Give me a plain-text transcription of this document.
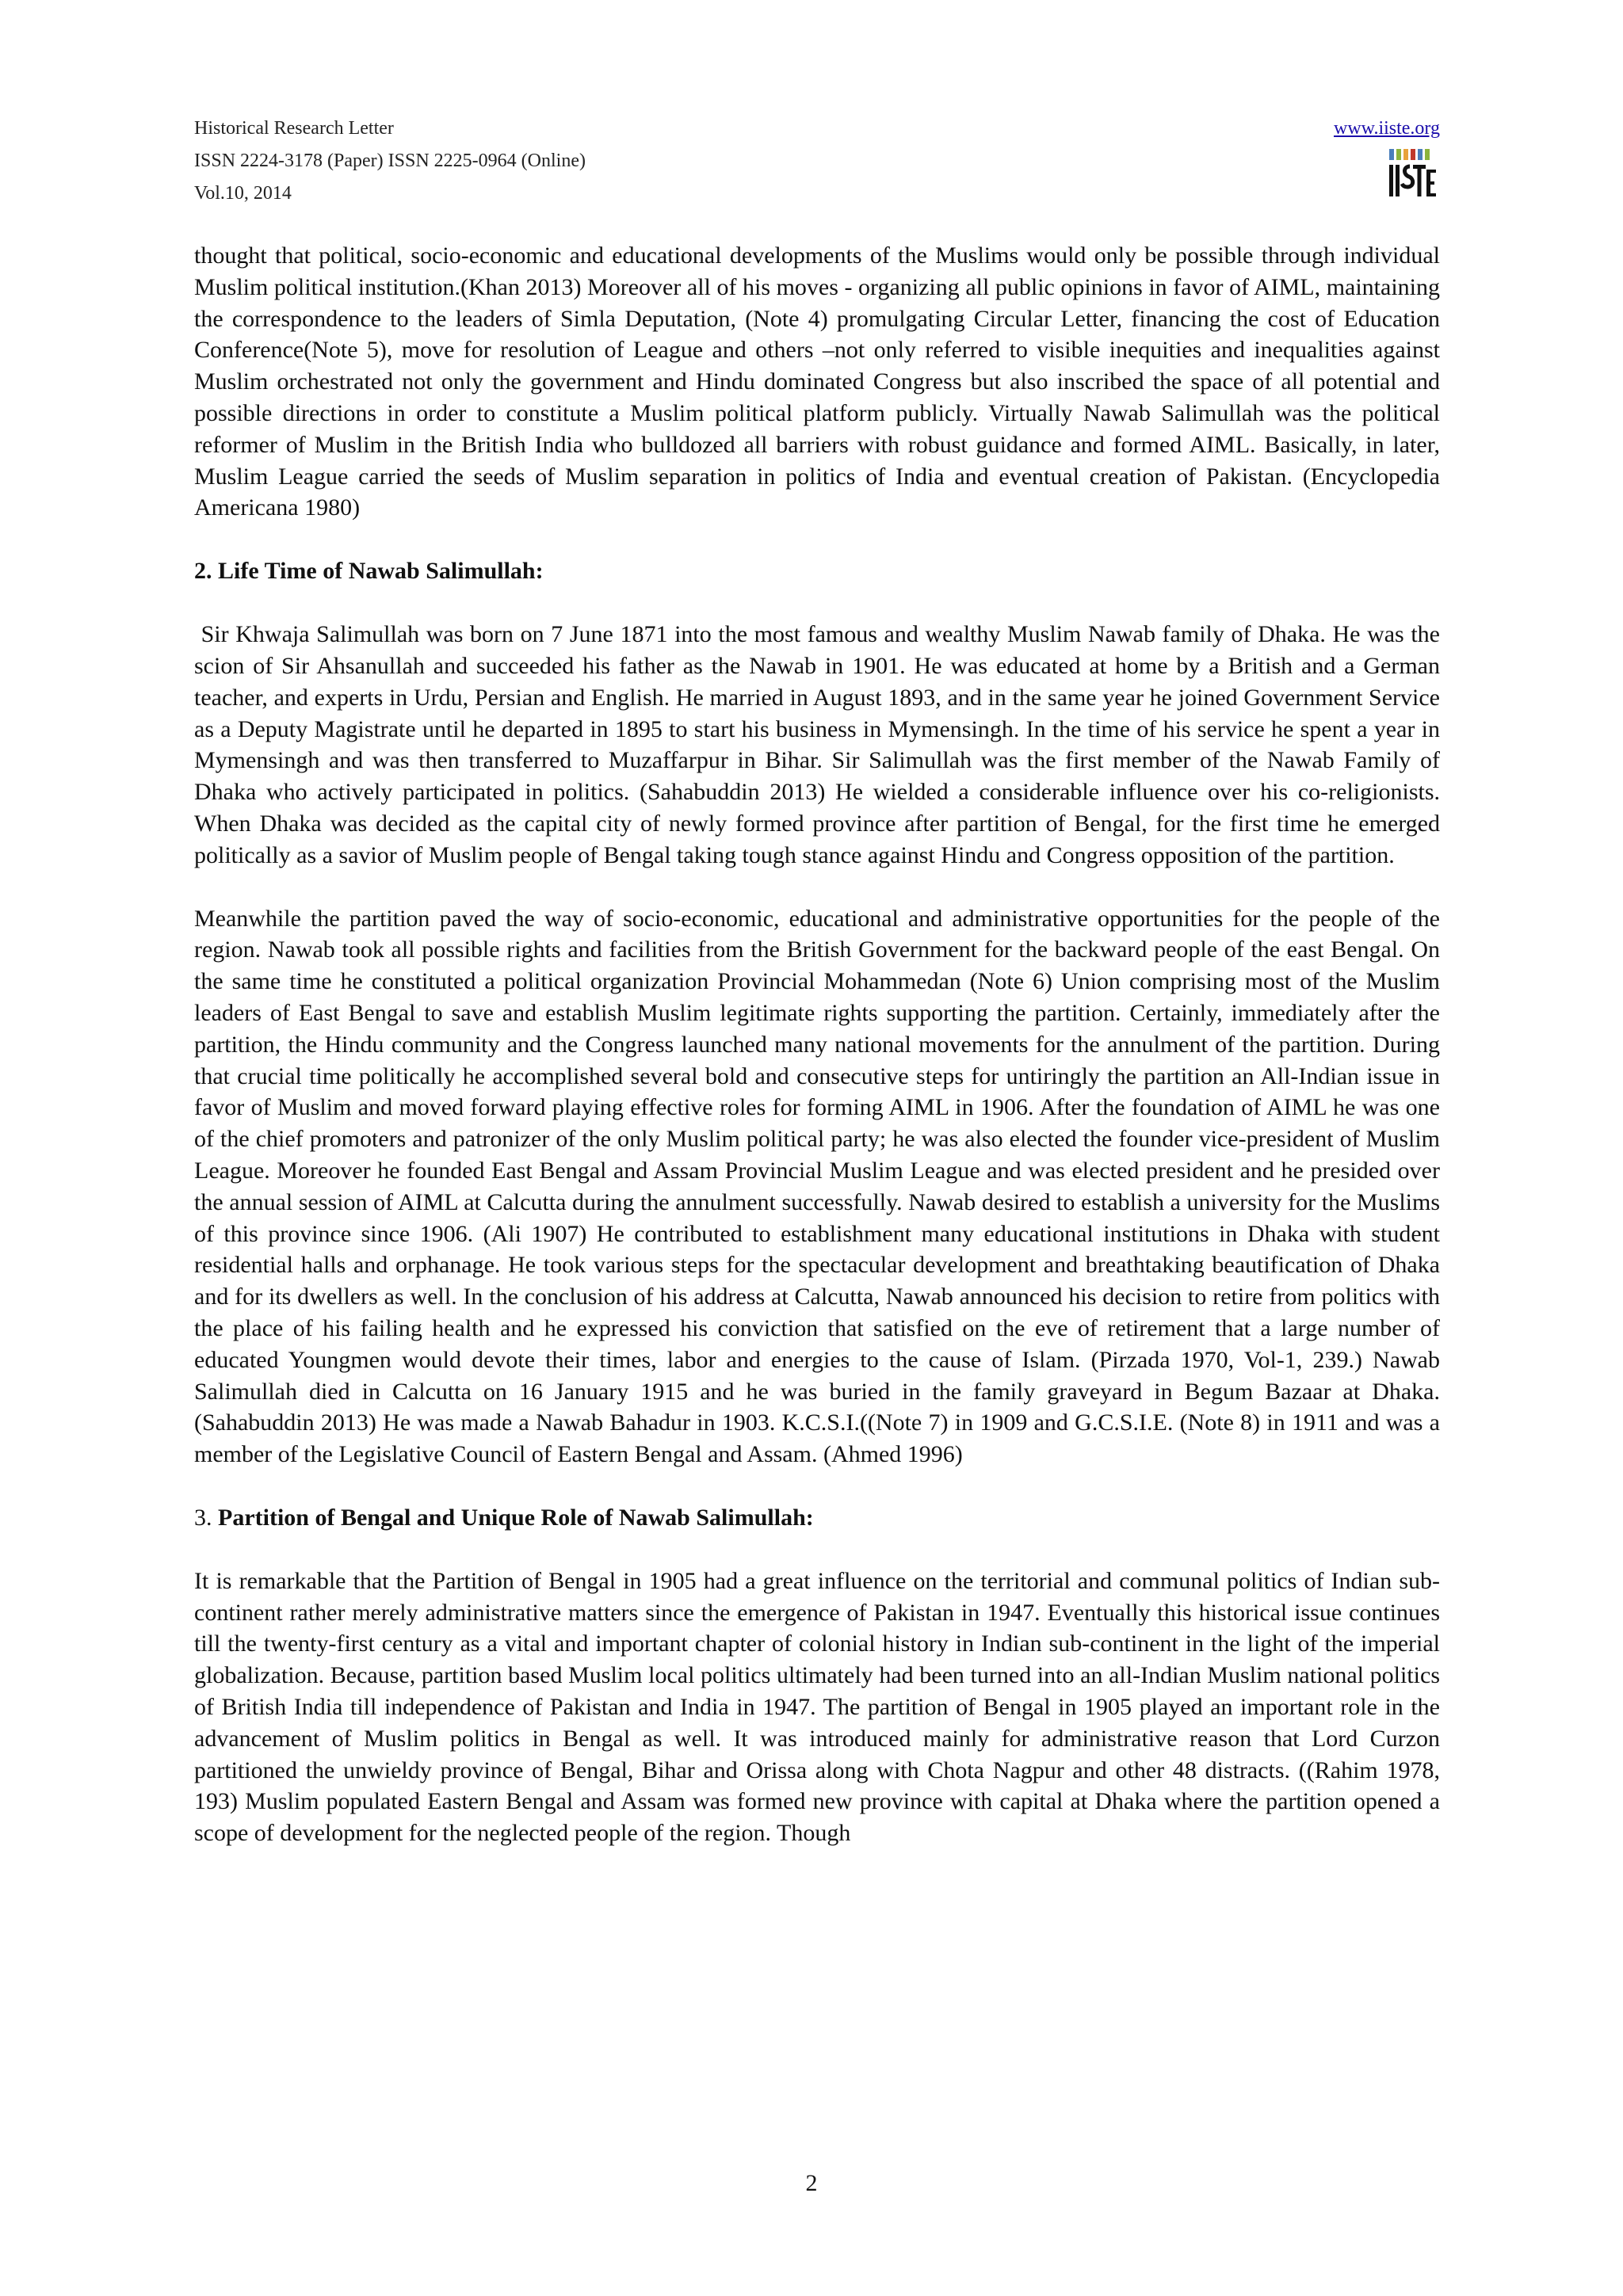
Historical Research Letter
ISSN 2224-3178 (Paper) ISSN 2225-0964 (Online)
Vol.10, 2014
www.iiste.org

thought that political, socio-economic and educational developments of the Muslims would only be possible through individual Muslim political institution.(Khan 2013) Moreover all of his moves - organizing all public opinions in favor of AIML, maintaining the correspondence to the leaders of Simla Deputation, (Note 4) promulgating Circular Letter, financing the cost of Education Conference(Note 5), move for resolution of League and others –not only referred to visible inequities and inequalities against Muslim orchestrated not only the government and Hindu dominated Congress but also inscribed the space of all potential and possible directions in order to constitute a Muslim political platform publicly. Virtually Nawab Salimullah was the political reformer of Muslim in the British India who bulldozed all barriers with robust guidance and formed AIML. Basically, in later, Muslim League carried the seeds of Muslim separation in politics of India and eventual creation of Pakistan. (Encyclopedia Americana 1980)

2. Life Time of Nawab Salimullah:

Sir Khwaja Salimullah was born on 7 June 1871 into the most famous and wealthy Muslim Nawab family of Dhaka. He was the scion of Sir Ahsanullah and succeeded his father as the Nawab in 1901. He was educated at home by a British and a German teacher, and experts in Urdu, Persian and English. He married in August 1893, and in the same year he joined Government Service as a Deputy Magistrate until he departed in 1895 to start his business in Mymensingh. In the time of his service he spent a year in Mymensingh and was then transferred to Muzaffarpur in Bihar. Sir Salimullah was the first member of the Nawab Family of Dhaka who actively participated in politics. (Sahabuddin 2013) He wielded a considerable influence over his co-religionists. When Dhaka was decided as the capital city of newly formed province after partition of Bengal, for the first time he emerged politically as a savior of Muslim people of Bengal taking tough stance against Hindu and Congress opposition of the partition.

Meanwhile the partition paved the way of socio-economic, educational and administrative opportunities for the people of the region. Nawab took all possible rights and facilities from the British Government for the backward people of the east Bengal. On the same time he constituted a political organization Provincial Mohammedan (Note 6) Union comprising most of the Muslim leaders of East Bengal to save and establish Muslim legitimate rights supporting the partition. Certainly, immediately after the partition, the Hindu community and the Congress launched many national movements for the annulment of the partition. During that crucial time politically he accomplished several bold and consecutive steps for untiringly the partition an All-Indian issue in favor of Muslim and moved forward playing effective roles for forming AIML in 1906. After the foundation of AIML he was one of the chief promoters and patronizer of the only Muslim political party; he was also elected the founder vice-president of Muslim League. Moreover he founded East Bengal and Assam Provincial Muslim League and was elected president and he presided over the annual session of AIML at Calcutta during the annulment successfully. Nawab desired to establish a university for the Muslims of this province since 1906. (Ali 1907) He contributed to establishment many educational institutions in Dhaka with student residential halls and orphanage. He took various steps for the spectacular development and breathtaking beautification of Dhaka and for its dwellers as well. In the conclusion of his address at Calcutta, Nawab announced his decision to retire from politics with the place of his failing health and he expressed his conviction that satisfied on the eve of retirement that a large number of educated Youngmen would devote their times, labor and energies to the cause of Islam. (Pirzada 1970, Vol-1, 239.) Nawab Salimullah died in Calcutta on 16 January 1915 and he was buried in the family graveyard in Begum Bazaar at Dhaka. (Sahabuddin 2013) He was made a Nawab Bahadur in 1903. K.C.S.I.((Note 7) in 1909 and G.C.S.I.E. (Note 8) in 1911 and was a member of the Legislative Council of Eastern Bengal and Assam. (Ahmed 1996)

3. Partition of Bengal and Unique Role of Nawab Salimullah:

It is remarkable that the Partition of Bengal in 1905 had a great influence on the territorial and communal politics of Indian sub-continent rather merely administrative matters since the emergence of Pakistan in 1947. Eventually this historical issue continues till the twenty-first century as a vital and important chapter of colonial history in Indian sub-continent in the light of the imperial globalization. Because, partition based Muslim local politics ultimately had been turned into an all-Indian Muslim national politics of British India till independence of Pakistan and India in 1947. The partition of Bengal in 1905 played an important role in the advancement of Muslim politics in Bengal as well. It was introduced mainly for administrative reason that Lord Curzon partitioned the unwieldy province of Bengal, Bihar and Orissa along with Chota Nagpur and other 48 distracts. ((Rahim 1978, 193) Muslim populated Eastern Bengal and Assam was formed new province with capital at Dhaka where the partition opened a scope of development for the neglected people of the region. Though

2
